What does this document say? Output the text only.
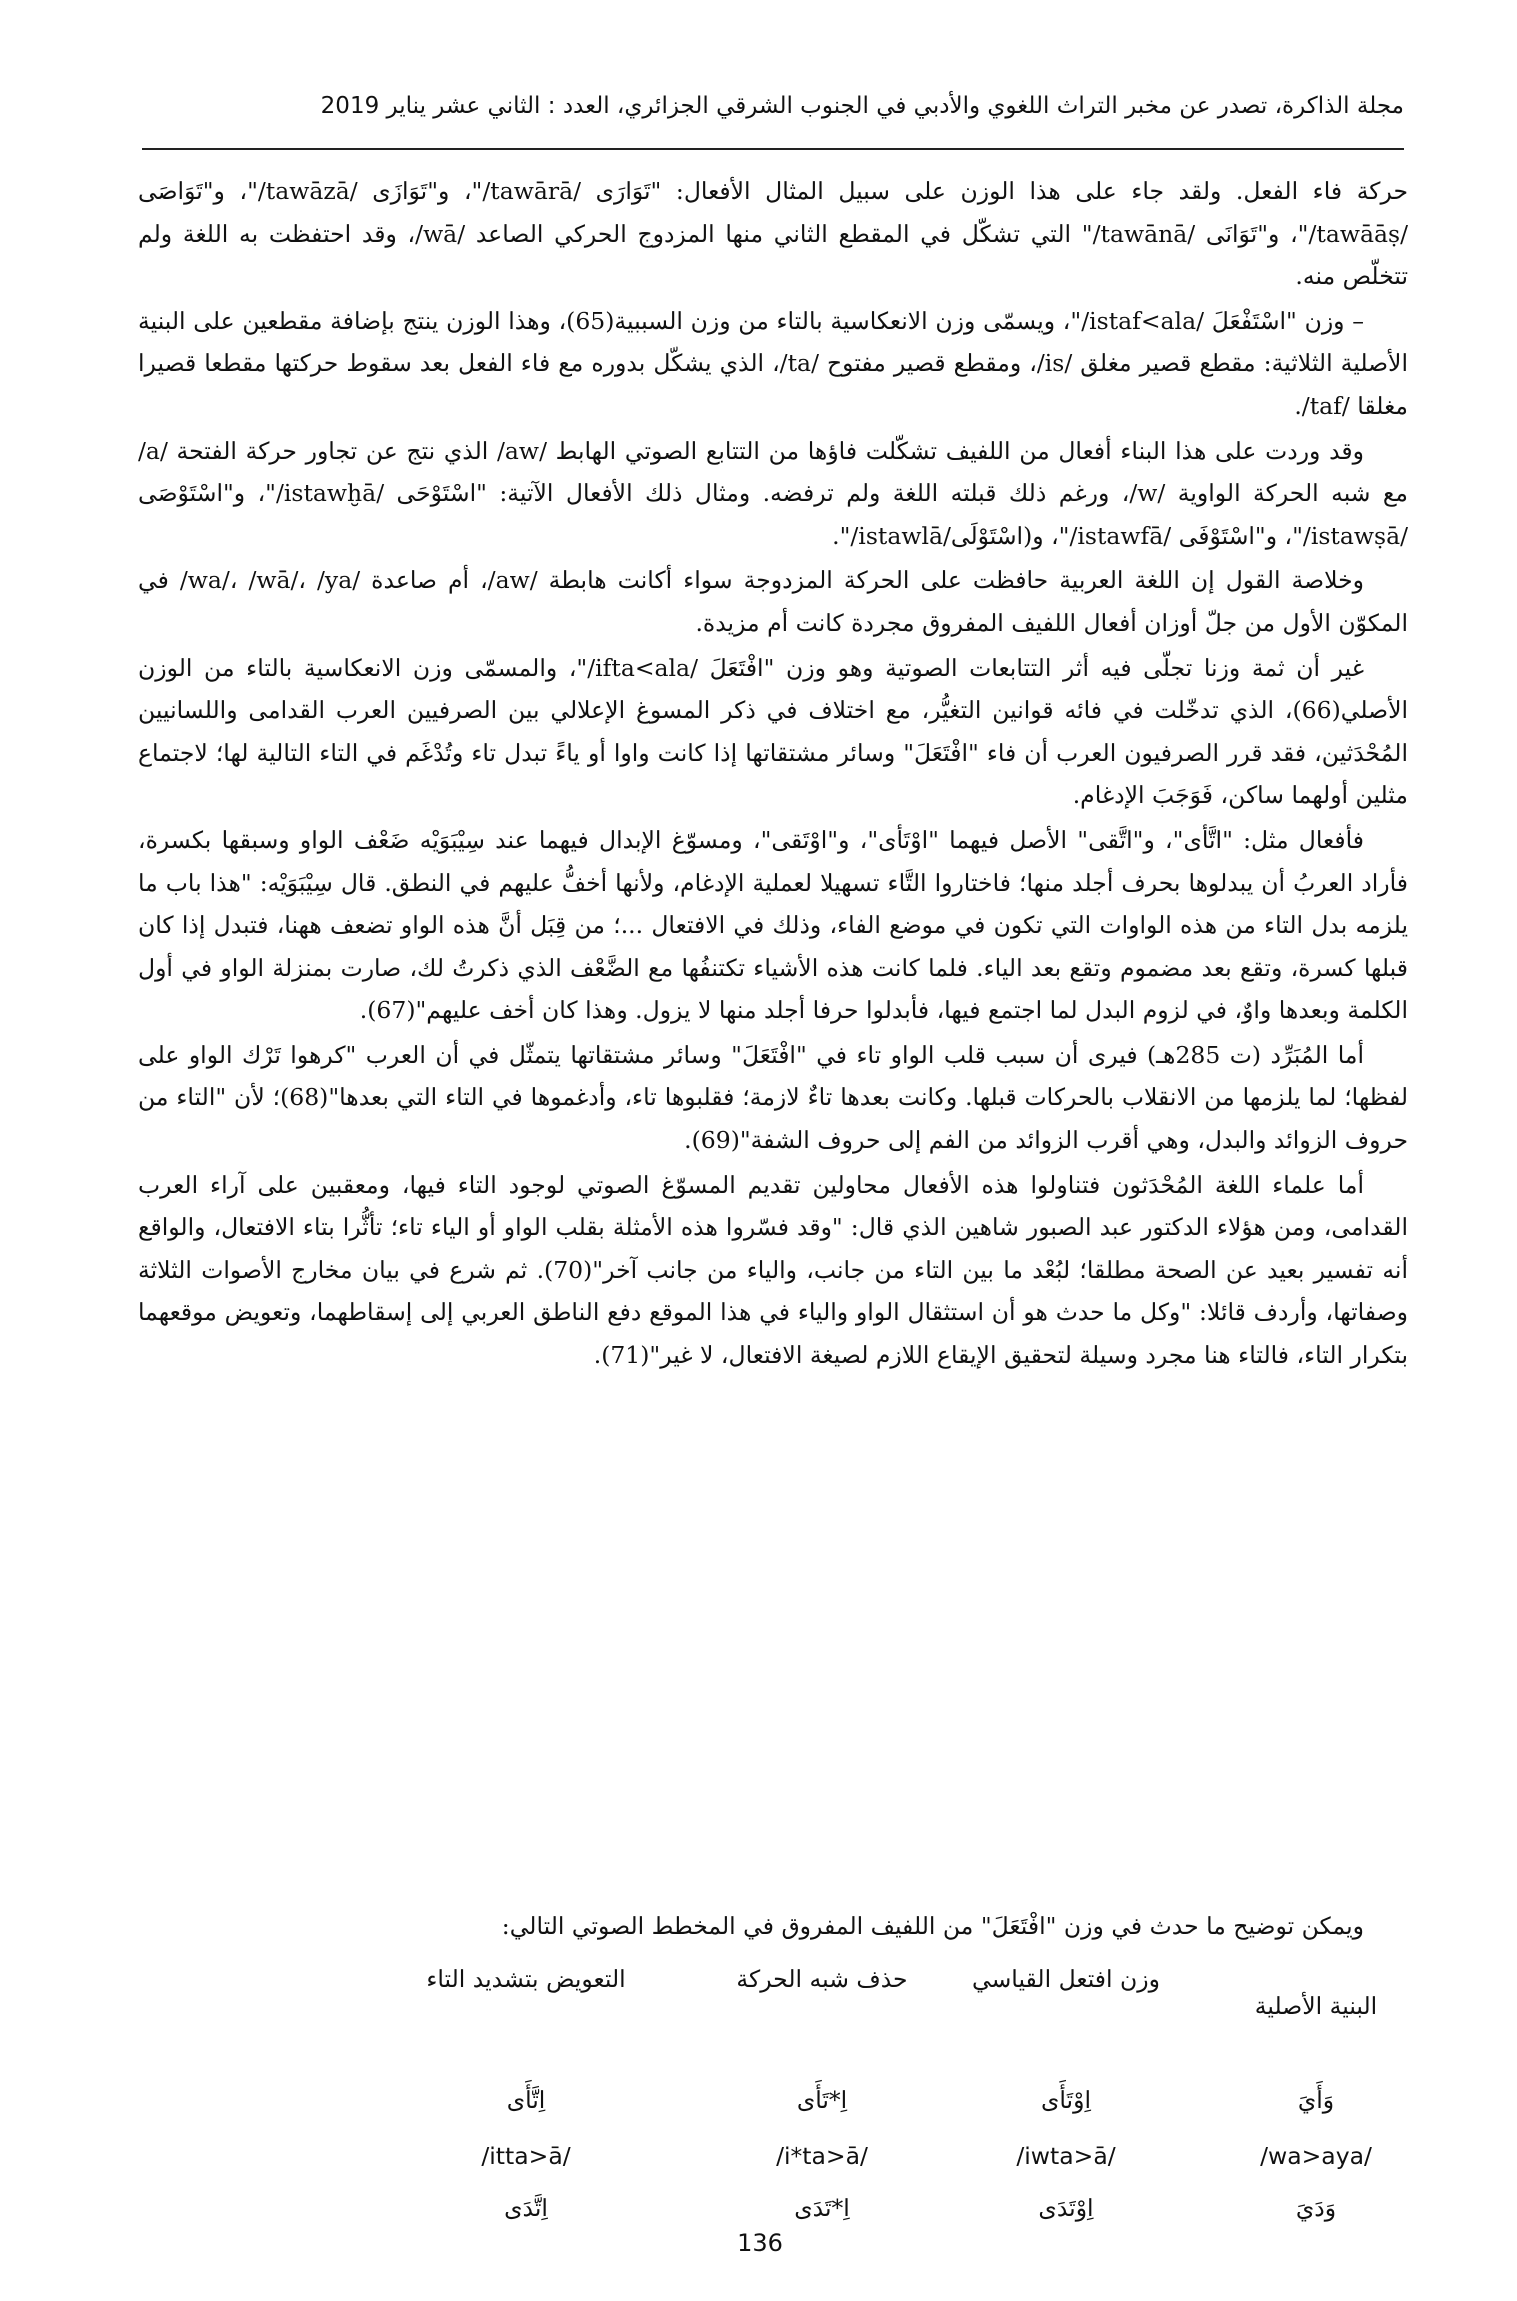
مجلة الذاكرة، تصدر عن مخبر التراث اللغوي والأدبي في الجنوب الشرقي الجزائري، العدد : الثاني عشر يناير 2019

حركة فاء الفعل. ولقد جاء على هذا الوزن على سبيل المثال الأفعال: "تَوَارَى /tawārā/"، و"تَوَازَى /tawāzā/"، و"تَوَاصَى /tawāāṣ/"، و"تَوَانَى /tawānā/" التي تشكّل في المقطع الثاني منها المزدوج الحركي الصاعد /wā/، وقد احتفظت به اللغة ولم تتخلّص منه.

– وزن "اسْتَفْعَلَ /istaf<ala/"، ويسمّى وزن الانعكاسية بالتاء من وزن السببية(65)، وهذا الوزن ينتج بإضافة مقطعين على البنية الأصلية الثلاثية: مقطع قصير مغلق /is/، ومقطع قصير مفتوح /ta/، الذي يشكّل بدوره مع فاء الفعل بعد سقوط حركتها مقطعا قصيرا مغلقا /taf/.

وقد وردت على هذا البناء أفعال من اللفيف تشكّلت فاؤها من التتابع الصوتي الهابط /aw/ الذي نتج عن تجاور حركة الفتحة /a/ مع شبه الحركة الواوية /w/، ورغم ذلك قبلته اللغة ولم ترفضه. ومثال ذلك الأفعال الآتية: "اسْتَوْحَى /istawḫā/"، و"اسْتَوْصَى /istawṣā/"، و"اسْتَوْفَى /istawfā/"، و(اسْتَوْلَى/istawlā/".

وخلاصة القول إن اللغة العربية حافظت على الحركة المزدوجة سواء أكانت هابطة /aw/، أم صاعدة /wa/، /wā/، /ya/ في المكوّن الأول من جلّ أوزان أفعال اللفيف المفروق مجردة كانت أم مزيدة.

غير أن ثمة وزنا تجلّى فيه أثر التتابعات الصوتية وهو وزن "افْتَعَلَ /ifta<ala/"، والمسمّى وزن الانعكاسية بالتاء من الوزن الأصلي(66)، الذي تدخّلت في فائه قوانين التغيُّر، مع اختلاف في ذكر المسوغ الإعلالي بين الصرفيين العرب القدامى واللسانيين المُحْدَثين، فقد قرر الصرفيون العرب أن فاء "افْتَعَلَ" وسائر مشتقاتها إذا كانت واوا أو ياءً تبدل تاء وتُدْغَم في التاء التالية لها؛ لاجتماع مثلين أولهما ساكن، فَوَجَبَ الإدغام.

فأفعال مثل: "اتَّأى"، و"اتَّقى" الأصل فيهما "اوْتَأى"، و"اوْتَقى"، ومسوّغ الإبدال فيهما عند سِيْبَوَيْه ضَعْف الواو وسبقها بكسرة، فأراد العربُ أن يبدلوها بحرف أجلد منها؛ فاختاروا التَّاء تسهيلا لعملية الإدغام، ولأنها أخفُّ عليهم في النطق. قال سِيْبَوَيْه: "هذا باب ما يلزمه بدل التاء من هذه الواوات التي تكون في موضع الفاء، وذلك في الافتعال ...؛ من قِبَل أنَّ هذه الواو تضعف ههنا، فتبدل إذا كان قبلها كسرة، وتقع بعد مضموم وتقع بعد الياء. فلما كانت هذه الأشياء تكتنفُها مع الضَّعْف الذي ذكرتُ لك، صارت بمنزلة الواو في أول الكلمة وبعدها واوٌ، في لزوم البدل لما اجتمع فيها، فأبدلوا حرفا أجلد منها لا يزول. وهذا كان أخف عليهم"(67).

أما المُبَرِّد (ت 285هـ) فيرى أن سبب قلب الواو تاء في "افْتَعَلَ" وسائر مشتقاتها يتمثّل في أن العرب "كرهوا تَرْك الواو على لفظها؛ لما يلزمها من الانقلاب بالحركات قبلها. وكانت بعدها تاءٌ لازمة؛ فقلبوها تاء، وأدغموها في التاء التي بعدها"(68)؛ لأن "التاء من حروف الزوائد والبدل، وهي أقرب الزوائد من الفم إلى حروف الشفة"(69).

أما علماء اللغة المُحْدَثون فتناولوا هذه الأفعال محاولين تقديم المسوّغ الصوتي لوجود التاء فيها، ومعقبين على آراء العرب القدامى، ومن هؤلاء الدكتور عبد الصبور شاهين الذي قال: "وقد فسّروا هذه الأمثلة بقلب الواو أو الياء تاء؛ تأثُّرا بتاء الافتعال، والواقع أنه تفسير بعيد عن الصحة مطلقا؛ لبُعْد ما بين التاء من جانب، والياء من جانب آخر"(70). ثم شرع في بيان مخارج الأصوات الثلاثة وصفاتها، وأردف قائلا: "وكل ما حدث هو أن استثقال الواو والياء في هذا الموقع دفع الناطق العربي إلى إسقاطهما، وتعويض موقعهما بتكرار التاء، فالتاء هنا مجرد وسيلة لتحقيق الإيقاع اللازم لصيغة الافتعال، لا غير"(71).

ويمكن توضيح ما حدث في وزن "افْتَعَلَ" من اللفيف المفروق في المخطط الصوتي التالي:
البنية الأصلية
وزن افتعل القياسي
حذف شبه الحركة
التعويض بتشديد التاء
وَأَيَ
اِوْتَأَى
اِ*تَأَى
اِتَّأَى
/wa>aya/
/iwta>ā/
/i*ta>ā/
/itta>ā/
وَدَيَ
اِوْتَدَى
اِ*تَدَى
اِتَّدَى
136
